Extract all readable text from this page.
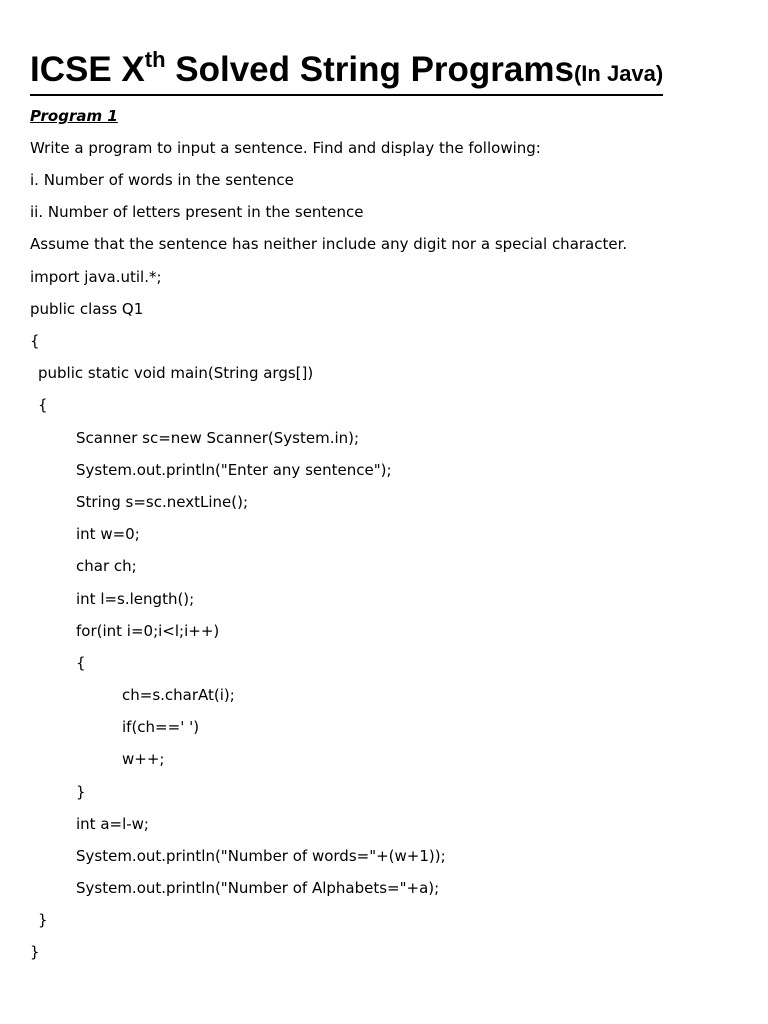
ICSE Xth Solved String Programs(In Java)
Program 1
Write a program to input a sentence. Find and display the following:
i. Number of words in the sentence
ii. Number of letters present in the sentence
Assume that the sentence has neither include any digit nor a special character.
import java.util.*;
public class Q1
{
public static void main(String args[])
{
Scanner sc=new Scanner(System.in);
System.out.println("Enter any sentence");
String s=sc.nextLine();
int w=0;
char ch;
int l=s.length();
for(int i=0;i<l;i++)
{
ch=s.charAt(i);
if(ch==' ')
w++;
}
int a=l-w;
System.out.println("Number of words="+(w+1));
System.out.println("Number of Alphabets="+a);
}
}
